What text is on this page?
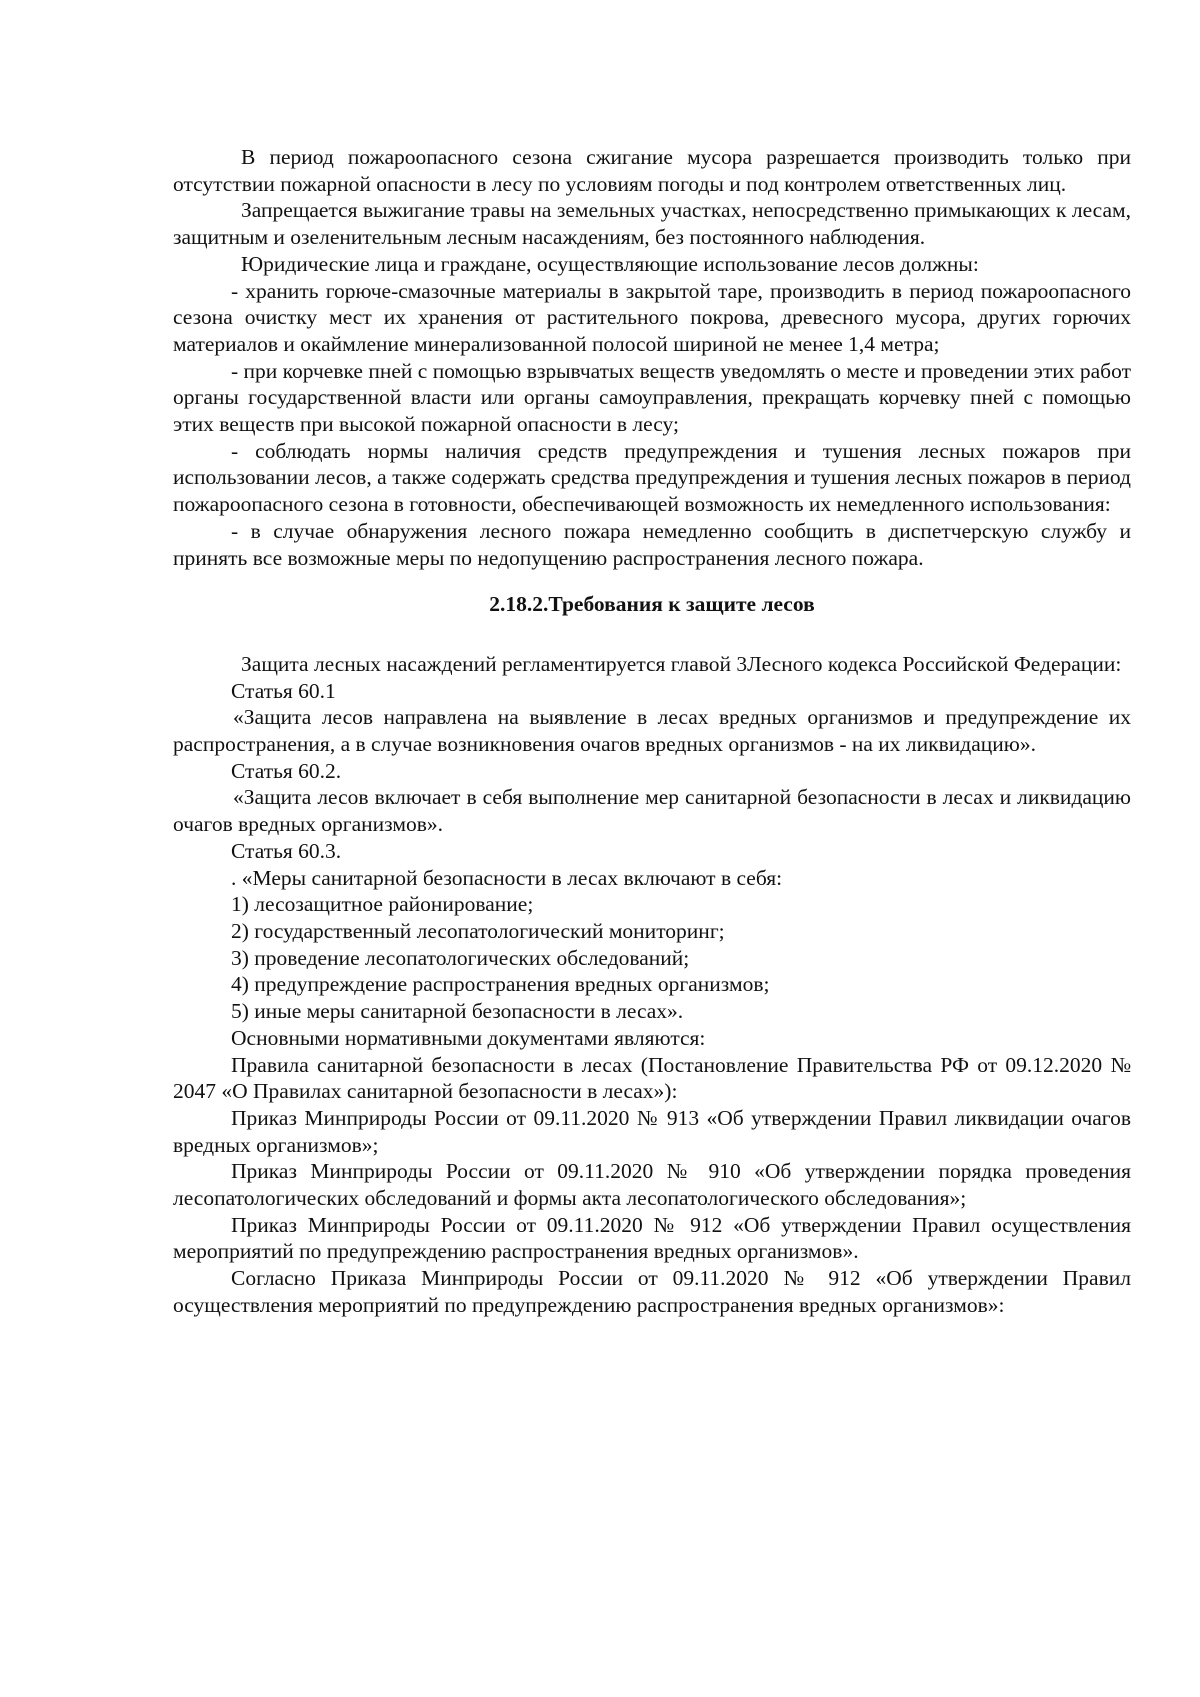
В период пожароопасного сезона сжигание мусора разрешается производить только при отсутствии пожарной опасности в лесу по условиям погоды и под контролем ответственных лиц.

Запрещается выжигание травы на земельных участках, непосредственно примыкающих к лесам, защитным и озеленительным лесным насаждениям, без постоянного наблюдения.

Юридические лица и граждане, осуществляющие использование лесов должны:

- хранить горюче-смазочные материалы в закрытой таре, производить в период пожароопасного сезона очистку мест их хранения от растительного покрова, древесного мусора, других горючих материалов и окаймление минерализованной полосой шириной не менее 1,4 метра;

- при корчевке пней с помощью взрывчатых веществ уведомлять о месте и проведении этих работ органы государственной власти или органы самоуправления, прекращать корчевку пней с помощью этих веществ при высокой пожарной опасности в лесу;

- соблюдать нормы наличия средств предупреждения и тушения лесных пожаров при использовании лесов, а также содержать средства предупреждения и тушения лесных пожаров в период пожароопасного сезона в готовности, обеспечивающей возможность их немедленного использования:

- в случае обнаружения лесного пожара немедленно сообщить в диспетчерскую службу и принять все возможные меры по недопущению распространения лесного пожара.

2.18.2.Требования к защите лесов

Защита лесных насаждений регламентируется главой 3Лесного кодекса Российской Федерации:

Статья 60.1

«Защита лесов направлена на выявление в лесах вредных организмов и предупреждение их распространения, а в случае возникновения очагов вредных организмов - на их ликвидацию».

Статья 60.2.

«Защита лесов включает в себя выполнение мер санитарной безопасности в лесах и ликвидацию очагов вредных организмов».

Статья 60.3.

. «Меры санитарной безопасности в лесах включают в себя:

1) лесозащитное районирование;

2) государственный лесопатологический мониторинг;

3) проведение лесопатологических обследований;

4) предупреждение распространения вредных организмов;

5) иные меры санитарной безопасности в лесах».

Основными нормативными документами являются:

Правила санитарной безопасности в лесах (Постановление Правительства РФ от 09.12.2020 № 2047 «О Правилах санитарной безопасности в лесах»):

Приказ Минприроды России от 09.11.2020 № 913 «Об утверждении Правил ликвидации очагов вредных организмов»;

Приказ Минприроды России от 09.11.2020 № 910 «Об утверждении порядка проведения лесопатологических обследований и формы акта лесопатологического обследования»;

Приказ Минприроды России от 09.11.2020 № 912 «Об утверждении Правил осуществления мероприятий по предупреждению распространения вредных организмов».

Согласно Приказа Минприроды России от 09.11.2020 № 912 «Об утверждении Правил осуществления мероприятий по предупреждению распространения вредных организмов»:
